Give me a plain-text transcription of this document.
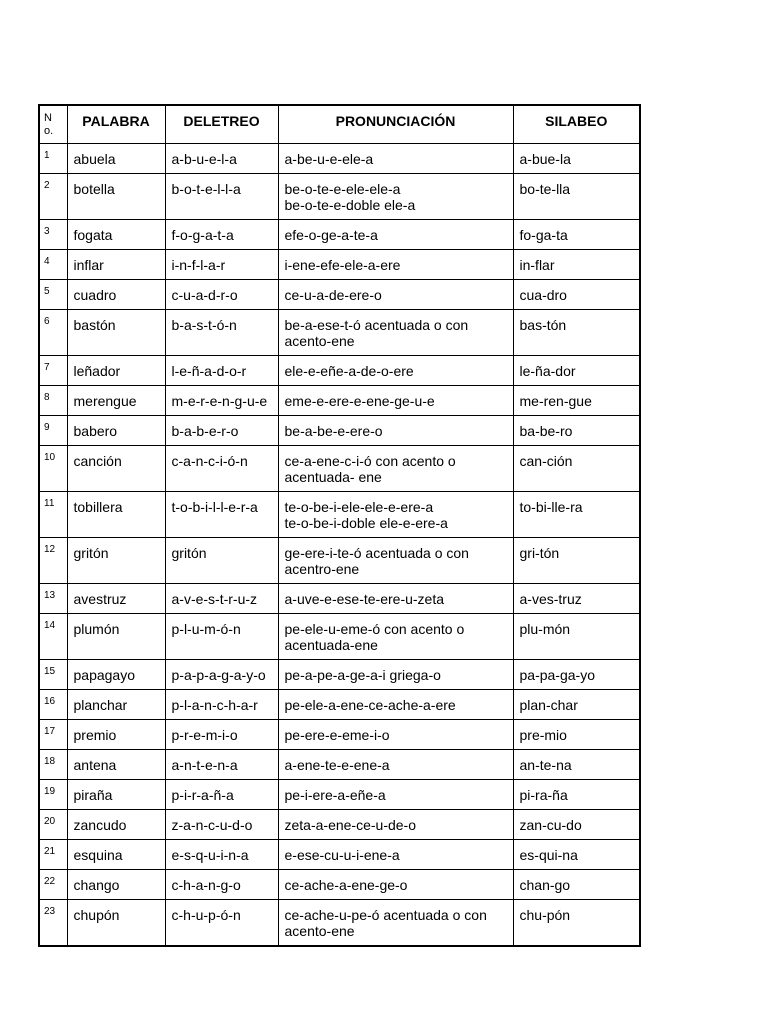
N o.	PALABRA	DELETREO	PRONUNCIACIÓN	SILABEO
1	abuela	a-b-u-e-l-a	a-be-u-e-ele-a	a-bue-la
2	botella	b-o-t-e-l-l-a	be-o-te-e-ele-ele-a
be-o-te-e-doble ele-a	bo-te-lla
3	fogata	f-o-g-a-t-a	efe-o-ge-a-te-a	fo-ga-ta
4	inflar	i-n-f-l-a-r	i-ene-efe-ele-a-ere	in-flar
5	cuadro	c-u-a-d-r-o	ce-u-a-de-ere-o	cua-dro
6	bastón	b-a-s-t-ó-n	be-a-ese-t-ó acentuada o con
acento-ene	bas-tón
7	leñador	l-e-ñ-a-d-o-r	ele-e-eñe-a-de-o-ere	le-ña-dor
8	merengue	m-e-r-e-n-g-u-e	eme-e-ere-e-ene-ge-u-e	me-ren-gue
9	babero	b-a-b-e-r-o	be-a-be-e-ere-o	ba-be-ro
10	canción	c-a-n-c-i-ó-n	ce-a-ene-c-i-ó con acento o
acentuada- ene	can-ción
11	tobillera	t-o-b-i-l-l-e-r-a	te-o-be-i-ele-ele-e-ere-a
te-o-be-i-doble ele-e-ere-a	to-bi-lle-ra
12	gritón	gritón	ge-ere-i-te-ó acentuada o con
acentro-ene	gri-tón
13	avestruz	a-v-e-s-t-r-u-z	a-uve-e-ese-te-ere-u-zeta	a-ves-truz
14	plumón	p-l-u-m-ó-n	pe-ele-u-eme-ó con acento o
acentuada-ene	plu-món
15	papagayo	p-a-p-a-g-a-y-o	pe-a-pe-a-ge-a-i griega-o	pa-pa-ga-yo
16	planchar	p-l-a-n-c-h-a-r	pe-ele-a-ene-ce-ache-a-ere	plan-char
17	premio	p-r-e-m-i-o	pe-ere-e-eme-i-o	pre-mio
18	antena	a-n-t-e-n-a	a-ene-te-e-ene-a	an-te-na
19	piraña	p-i-r-a-ñ-a	pe-i-ere-a-eñe-a	pi-ra-ña
20	zancudo	z-a-n-c-u-d-o	zeta-a-ene-ce-u-de-o	zan-cu-do
21	esquina	e-s-q-u-i-n-a	e-ese-cu-u-i-ene-a	es-qui-na
22	chango	c-h-a-n-g-o	ce-ache-a-ene-ge-o	chan-go
23	chupón	c-h-u-p-ó-n	ce-ache-u-pe-ó acentuada o con
acento-ene	chu-pón
